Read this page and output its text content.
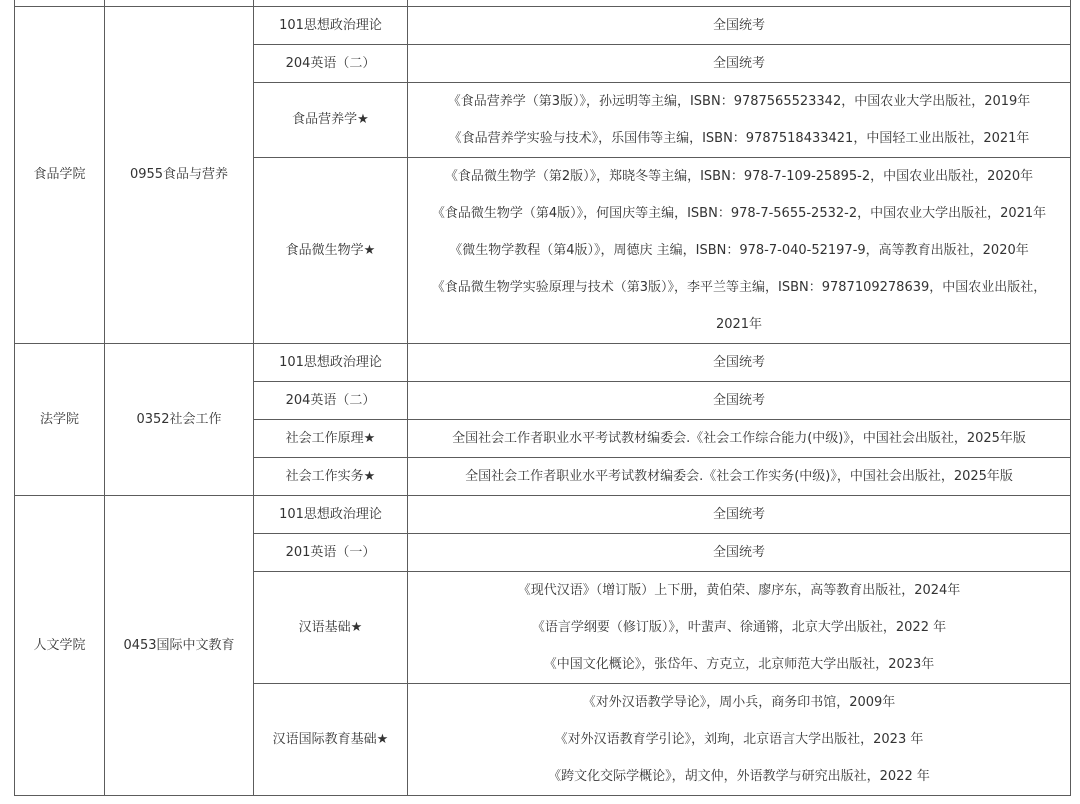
食品学院	0955食品与营养	101思想政治理论	全国统考

		204英语（二）	全国统考

		食品营养学★	《食品营养学（第3版）》，孙远明等主编，ISBN：9787565523342，中国农业大学出版社，2019年
《食品营养学实验与技术》，乐国伟等主编，ISBN：9787518433421，中国轻工业出版社，2021年

		食品微生物学★	《食品微生物学（第2版）》，郑晓冬等主编，ISBN：978-7-109-25895-2，中国农业出版社，2020年
《食品微生物学（第4版）》，何国庆等主编，ISBN：978-7-5655-2532-2，中国农业大学出版社，2021年
《微生物学教程（第4版）》，周德庆 主编，ISBN：978-7-040-52197-9，高等教育出版社，2020年
《食品微生物学实验原理与技术（第3版）》，李平兰等主编，ISBN：9787109278639，中国农业出版社，2021年

法学院	0352社会工作	101思想政治理论	全国统考

		204英语（二）	全国统考

		社会工作原理★	全国社会工作者职业水平考试教材编委会.《社会工作综合能力(中级)》，中国社会出版社，2025年版

		社会工作实务★	全国社会工作者职业水平考试教材编委会.《社会工作实务(中级)》，中国社会出版社，2025年版

人文学院	0453国际中文教育	101思想政治理论	全国统考

		201英语（一）	全国统考

		汉语基础★	《现代汉语》（增订版）上下册，黄伯荣、廖序东，高等教育出版社，2024年
《语言学纲要（修订版）》，叶蜚声、徐通锵，北京大学出版社，2022 年
《中国文化概论》，张岱年、方克立，北京师范大学出版社，2023年

		汉语国际教育基础★	《对外汉语教学导论》，周小兵，商务印书馆，2009年
《对外汉语教育学引论》，刘珣，北京语言大学出版社，2023 年
《跨文化交际学概论》，胡文仲，外语教学与研究出版社，2022 年
